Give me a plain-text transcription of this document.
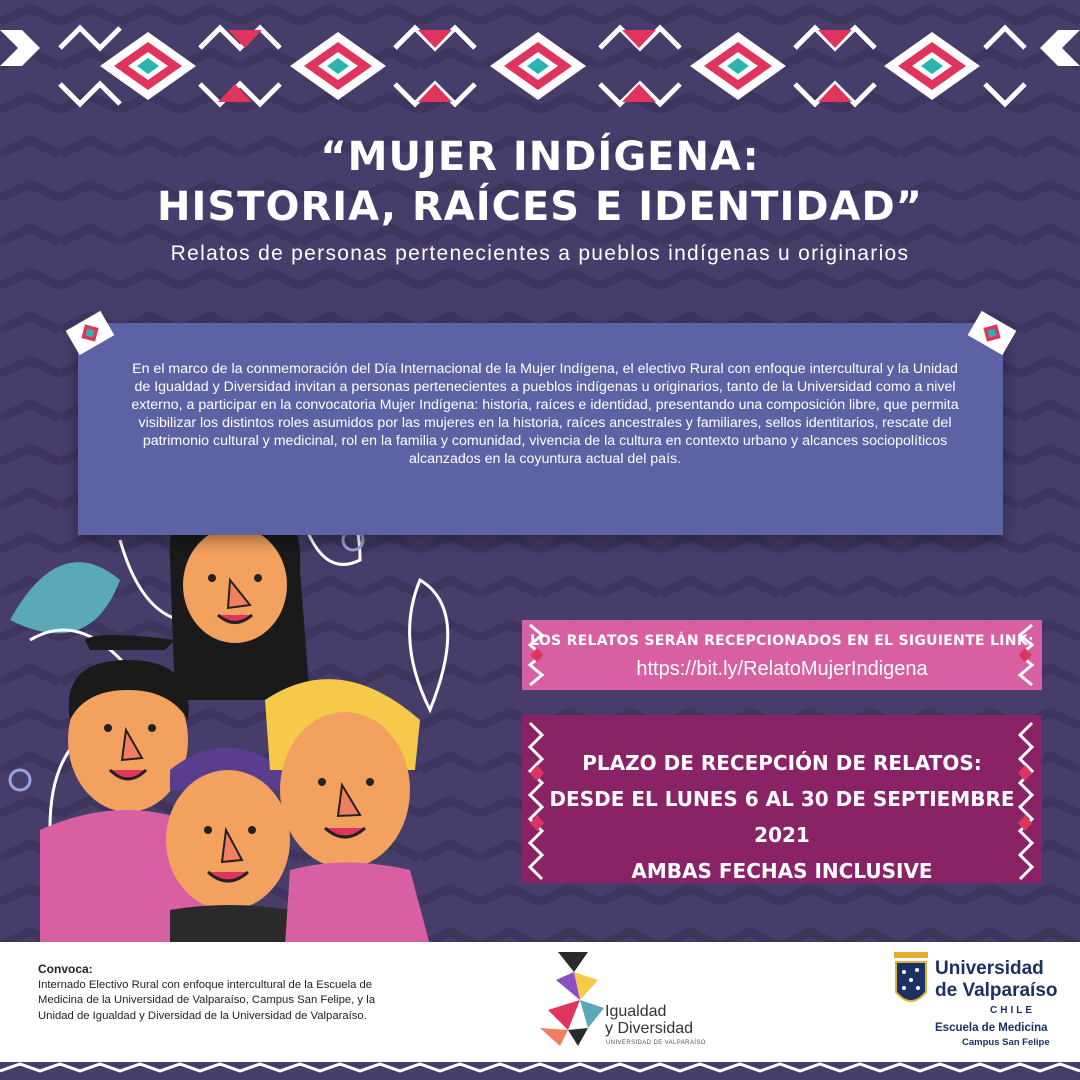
“MUJER INDÍGENA:
HISTORIA, RAÍCES E IDENTIDAD”
Relatos de personas pertenecientes a pueblos indígenas u originarios
En el marco de la conmemoración del Día Internacional de la Mujer Indígena, el electivo Rural con enfoque intercultural y la Unidad de Igualdad y Diversidad invitan a personas pertenecientes a pueblos indígenas u originarios, tanto de la Universidad como a nivel externo, a participar en la convocatoria Mujer Indígena: historia, raíces e identidad, presentando una composición libre, que permita visibilizar los distintos roles asumidos por las mujeres en la historia, raíces ancestrales y familiares, sellos identitarios, rescate del patrimonio cultural y medicinal, rol en la familia y comunidad, vivencia de la cultura en contexto urbano y alcances sociopolíticos alcanzados en la coyuntura actual del país.
LOS RELATOS SERÁN RECEPCIONADOS EN EL SIGUIENTE LINK:
https://bit.ly/RelatoMujerIndigena
PLAZO DE RECEPCIÓN DE RELATOS:
DESDE EL LUNES 6 AL 30 DE SEPTIEMBRE 2021
AMBAS FECHAS INCLUSIVE
Convoca:
Internado Electivo Rural con enfoque intercultural de la Escuela de Medicina de la Universidad de Valparaíso, Campus San Felipe, y la Unidad de Igualdad y Diversidad de la Universidad de Valparaíso.	Igualdad
y Diversidad
UNIVERSIDAD DE VALPARAÍSO
Universidad
de Valparaíso
CHILE
Escuela de Medicina
Campus San Felipe
